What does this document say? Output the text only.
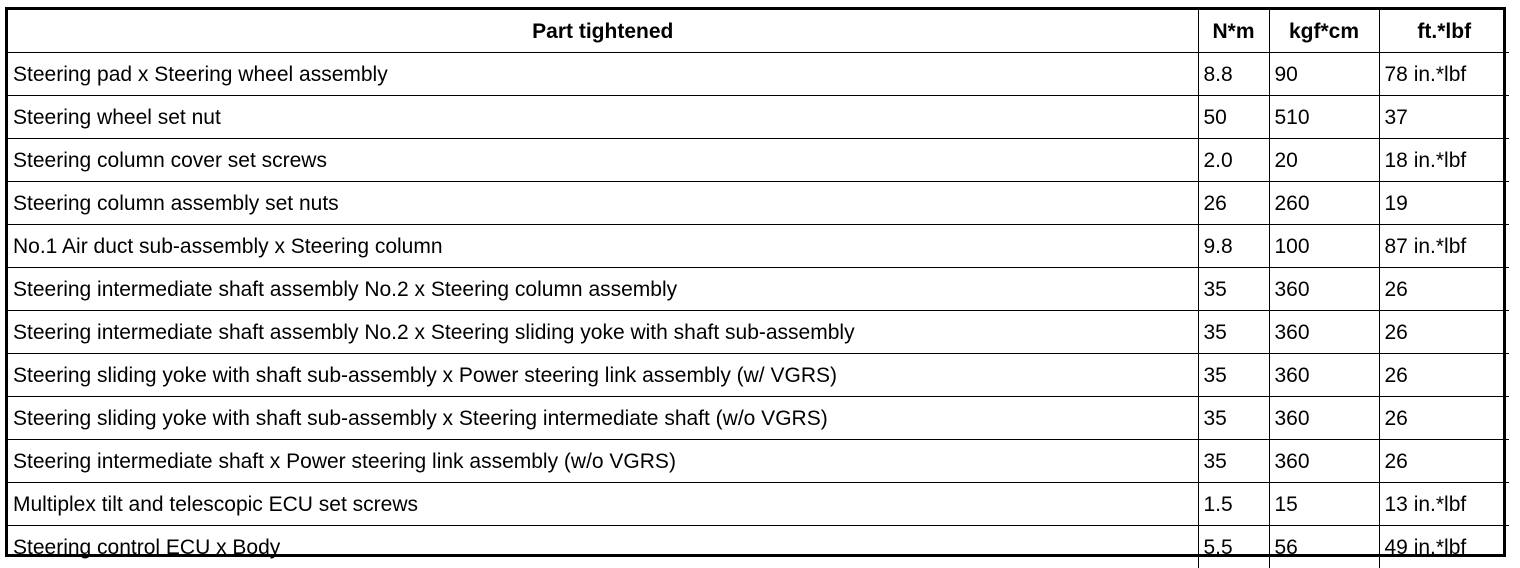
Part tightened	N*m	kgf*cm	ft.*lbf
Steering pad x Steering wheel assembly	8.8	90	78 in.*lbf
Steering wheel set nut	50	510	37
Steering column cover set screws	2.0	20	18 in.*lbf
Steering column assembly set nuts	26	260	19
No.1 Air duct sub-assembly x Steering column	9.8	100	87 in.*lbf
Steering intermediate shaft assembly No.2 x Steering column assembly	35	360	26
Steering intermediate shaft assembly No.2 x Steering sliding yoke with shaft sub-assembly	35	360	26
Steering sliding yoke with shaft sub-assembly x Power steering link assembly (w/ VGRS)	35	360	26
Steering sliding yoke with shaft sub-assembly x Steering intermediate shaft (w/o VGRS)	35	360	26
Steering intermediate shaft x Power steering link assembly (w/o VGRS)	35	360	26
Multiplex tilt and telescopic ECU set screws	1.5	15	13 in.*lbf
Steering control ECU x Body	5.5	56	49 in.*lbf
